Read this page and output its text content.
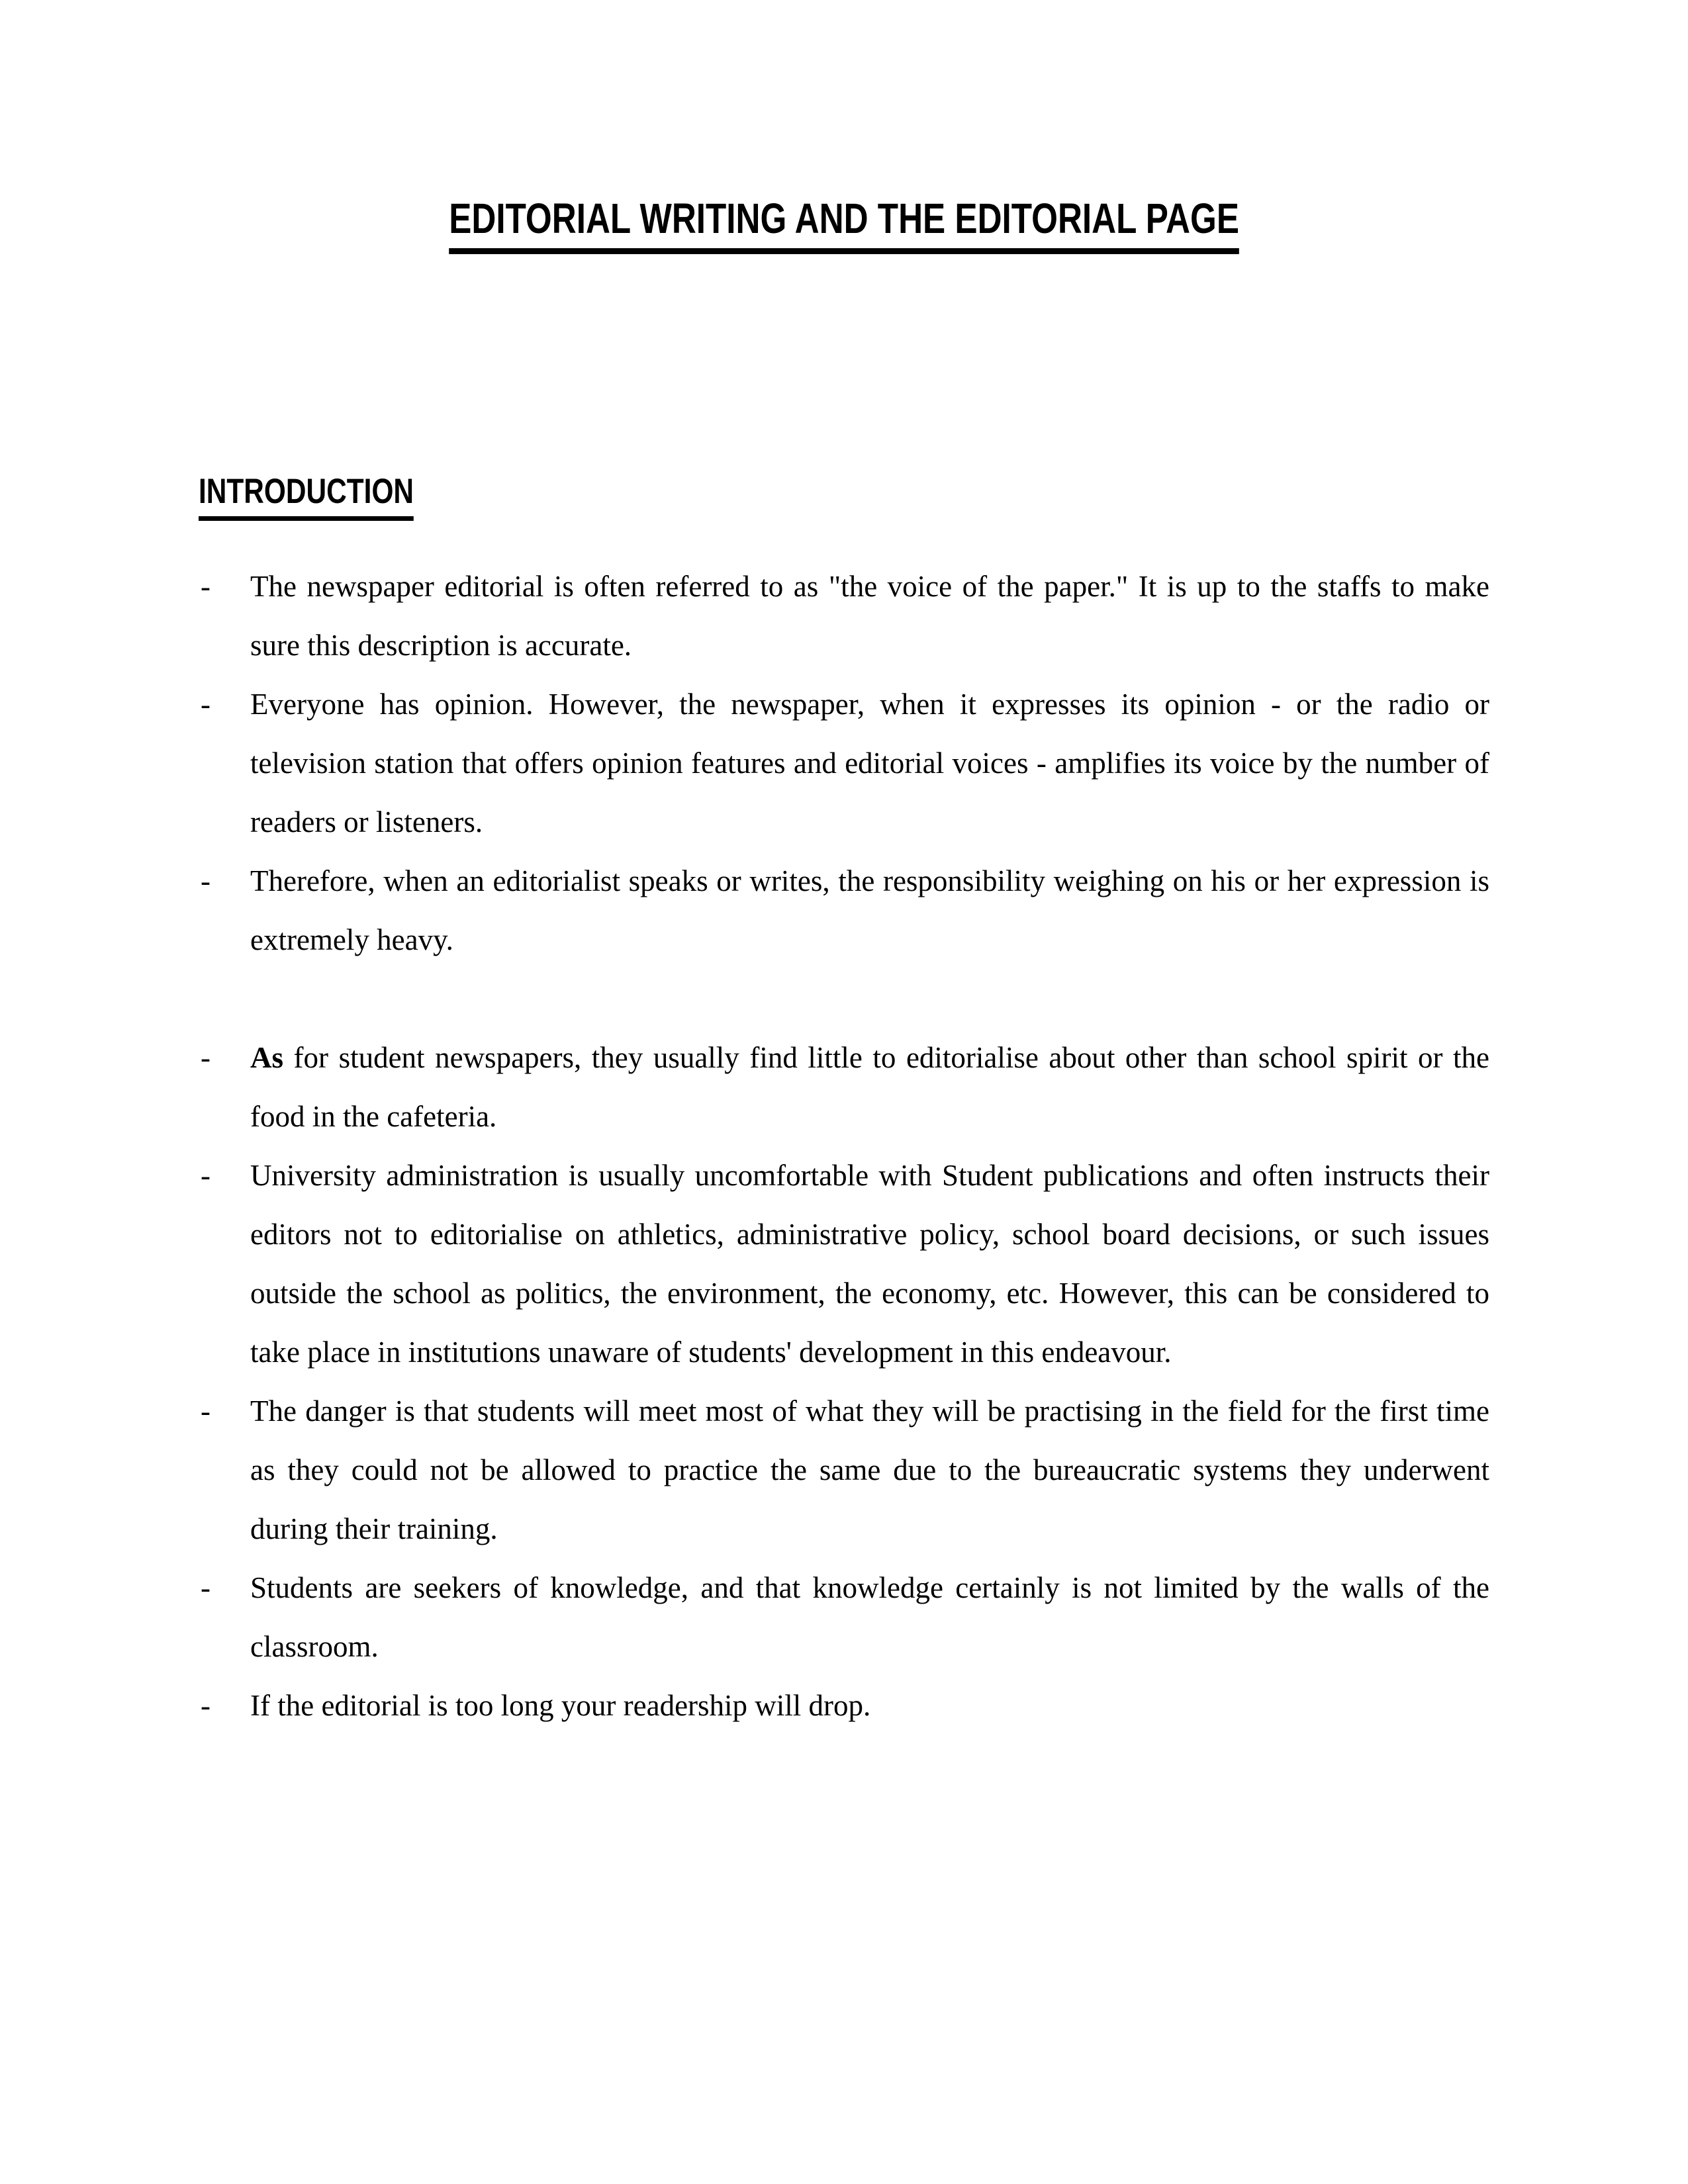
EDITORIAL WRITING AND THE EDITORIAL PAGE
INTRODUCTION
- The newspaper editorial is often referred to as "the voice of the paper." It is up to the staffs to make sure this description is accurate.
- Everyone has opinion. However, the newspaper, when it expresses its opinion - or the radio or television station that offers opinion features and editorial voices - amplifies its voice by the number of readers or listeners.
- Therefore, when an editorialist speaks or writes, the responsibility weighing on his or her expression is extremely heavy.
- As for student newspapers, they usually find little to editorialise about other than school spirit or the food in the cafeteria.
- University administration is usually uncomfortable with Student publications and often instructs their editors not to editorialise on athletics, administrative policy, school board decisions, or such issues outside the school as politics, the environment, the economy, etc. However, this can be considered to take place in institutions unaware of students' development in this endeavour.
- The danger is that students will meet most of what they will be practising in the field for the first time as they could not be allowed to practice the same due to the bureaucratic systems they underwent during their training.
- Students are seekers of knowledge, and that knowledge certainly is not limited by the walls of the classroom.
- If the editorial is too long your readership will drop.
